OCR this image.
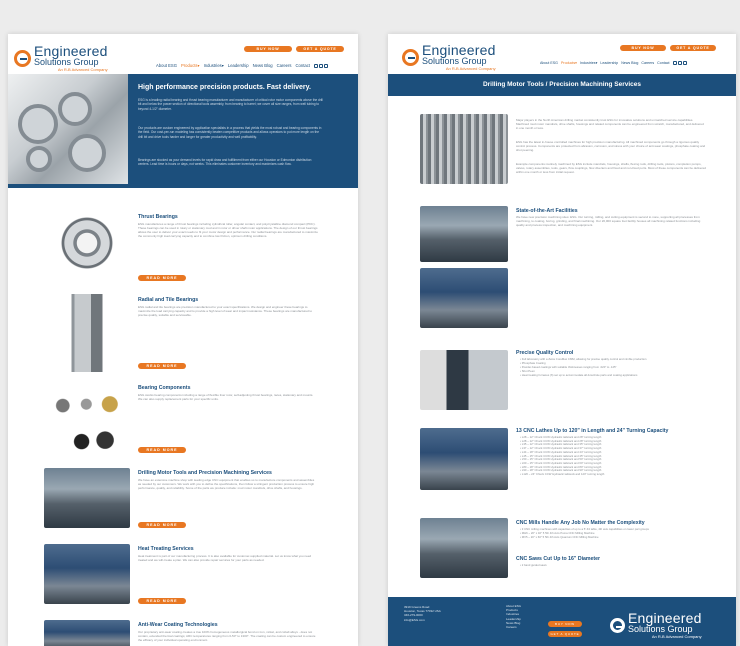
Engineered
Solutions Group
An R-B Advanced Company
BUY NOW	GET A QUOTE
About ESG Products▾ Industries▾ Leadership News Blog Careers Contact
High performance precision products. Fast delivery.

ESG is a leading radial bearing and thrust bearing manufacturer and manufacturer of critical rotor motor components above the drill bit and below the power section of directional tools assembly, from bearing to barrel; we cover all size ranges, from well tubing to beyond 4-1/2" diameter.

Our products are custom engineered by application specialists in a process that yields the most robust and bearing components in the field. Our cost-per-run modeling has consistently beaten competitive products and allows operators to put more length on the drill bit and drive tools harder and longer for greater productivity and well profitability.

Bearings are stocked as your demand levels for rapid draw and fulfillment from either our Houston or Edmonton distribution centers. Lead time is hours or days, not weeks. This eliminates customer inventory and maximizes cash flow.

Thrust Bearings

ESG manufactures a range of thrust bearings including cylindrical roller, angular contact, and polycrystalline diamond compact (PDC). These bearings can be used in rotary or stationary mud and in rotor or driver shaft motor applications. The design of our thrust bearings allows the user to deliver your exact needs to fit your motor design and performance. Our radial bearings are manufactured to maximize the commonly high load carrying capacity and to combine low friction, optimum drilling conditions.

READ MORE
Radial and Tile Bearings

ESG radial and tile bearings are precision manufactured to your exact specifications. We design and engineer these bearings to maximize the load carrying capacity and to provide a high level of wear and impact resistance. These bearings are manufactured to precise quality, suitable and serviceable.

READ MORE
Bearing Components

ESG stocks bearing components including a range of flexible liner rotor, self-adjusting thrust bearings, races, stationary and mounts. We can also supply replacement parts for your specific units.

READ MORE
Drilling Motor Tools and Precision Machining Services

We have an extensive machine shop with leading edge CNC equipment that enables us to manufacture components and assemblies as needed by our customers. We work with you to define the specifications, then follow a stringent production process to ensure high performance, quality, and reliability. Some of the parts we produce include: mud motor mandrels, drive shafts, and housings.

READ MORE
Heat Treating Services

Heat treatment is part of our manufacturing process. It is also available for customer-supplied material. Let us know what you need treated and we will create a plan. We can also provide repair services for your parts as needed.

READ MORE
Anti-Wear Coating Technologies

Our proprietary anti-wear coating creates a true 100% homogeneous metallurgical bond on iron, nickel, and cobalt alloys - does not contain, extended thermal coatings; ARC temperatures ranging from 0-50° to 1300°. The coating can be custom engineered to ensure the efficacy of your individual operating environment.

Engineered
Solutions Group
An R-B Advanced Company
BUY NOW	GET A QUOTE
About ESG Products▾ Industries▾ Leadership News Blog Careers Contact
Drilling Motor Tools / Precision Machining Services

Major players in the North American drilling market consistently trust ESG for innovative solutions and unmatched service capabilities. Machined mud motor mandrels, drive shafts, housings and related components can be engineered from scratch, manufactured, and delivered in one month or less.

ESG has the latest in-house controlled machines for high precision manufacturing. All machined components go through a rigorous quality control process. Components are protected from abrasion, corrosion, and stress with your choice of anti-wear coatings, phosphate coating and shot peening.

Example components routinely machined by ESG include mandrels, housings, shafts, flexing rods, drilling tools, pistons, completion pumps, valves, rotary assemblies, tools, gears, flow couplings, flow diverters and fixed and non-fixed ports. Most of these components can be delivered within one month or less from initial request.

State-of-the-Art Facilities

We have new precision machining sites: ESG. Our turning, milling, and cutting equipment is second to none, supporting all processes from machining, to coating, boring, grinding, and final machining. Our 20,000 square foot facility houses all machining related functions including quality and process inspection, and machining equipment.

Precise Quality Control
• Full laboratory with a Zeiss CoreMax CMM, allowing for precise quality control and nimble production
• Phosphate Coating
• Powder-based coatings with suitable thicknesses ranging from .020" to .125"
• Shot Peen
• Heat treating furnaces (6) set up to accommodate all downhole parts and coating applications
13 CNC Lathes Up to 120" in Length and 24" Turning Capacity
• L28 ~ 12" Chuck CCW Hydraulic tailstock and 28" turning length
• L28 ~ 12" Chuck CCW Hydraulic tailstock and 28" turning length
• L35 ~ 12" Chuck CCW Hydraulic tailstock and 35" turning length
• L37 ~ 12" Chuck CCW Hydraulic tailstock and 37" turning length
• L44 ~ 18" Chuck CCW Hydraulic tailstock and 44" turning length
• L45 ~ 15" Chuck CCW Hydraulic tailstock and 45" turning length
• L50 ~ 15" Chuck CCW Hydraulic tailstock and 50" turning length
• L60 ~ 15" Chuck CCW Hydraulic tailstock and 60" turning length
• L80 ~ 18" Chuck CCW Hydraulic tailstock and 80" turning length
• L90 ~ 18" Chuck CCW Hydraulic tailstock and 90" turning length
• L120 ~ 24" Chuck CCW Hydraulic tailstock and 120" turning length
CNC Mills Handle Any Job No Matter the Complexity
• 3 CNC milling machines with capacities of up to a 5' Z4 table, 4th axis capabilities on lower part groups
• MH6 ~ 20" x 40" 5 5th 4th Axis Puma CNC Milling Machine
• MV5 ~ 20" x 60" 5 5th 4th Axis Quantum CNC Milling Machine
CNC Saws Cut Up to 16" Diameter
• 2 band guided saws
3919 Greens Road
Houston, Texas 77032 USA
346-279-0000
info@ESG.com
About ESG
Products
Industries
Leadership
News Blog
Careers
BUY NOW
GET A QUOTE
Engineered
Solutions Group
An R-B Advanced Company
